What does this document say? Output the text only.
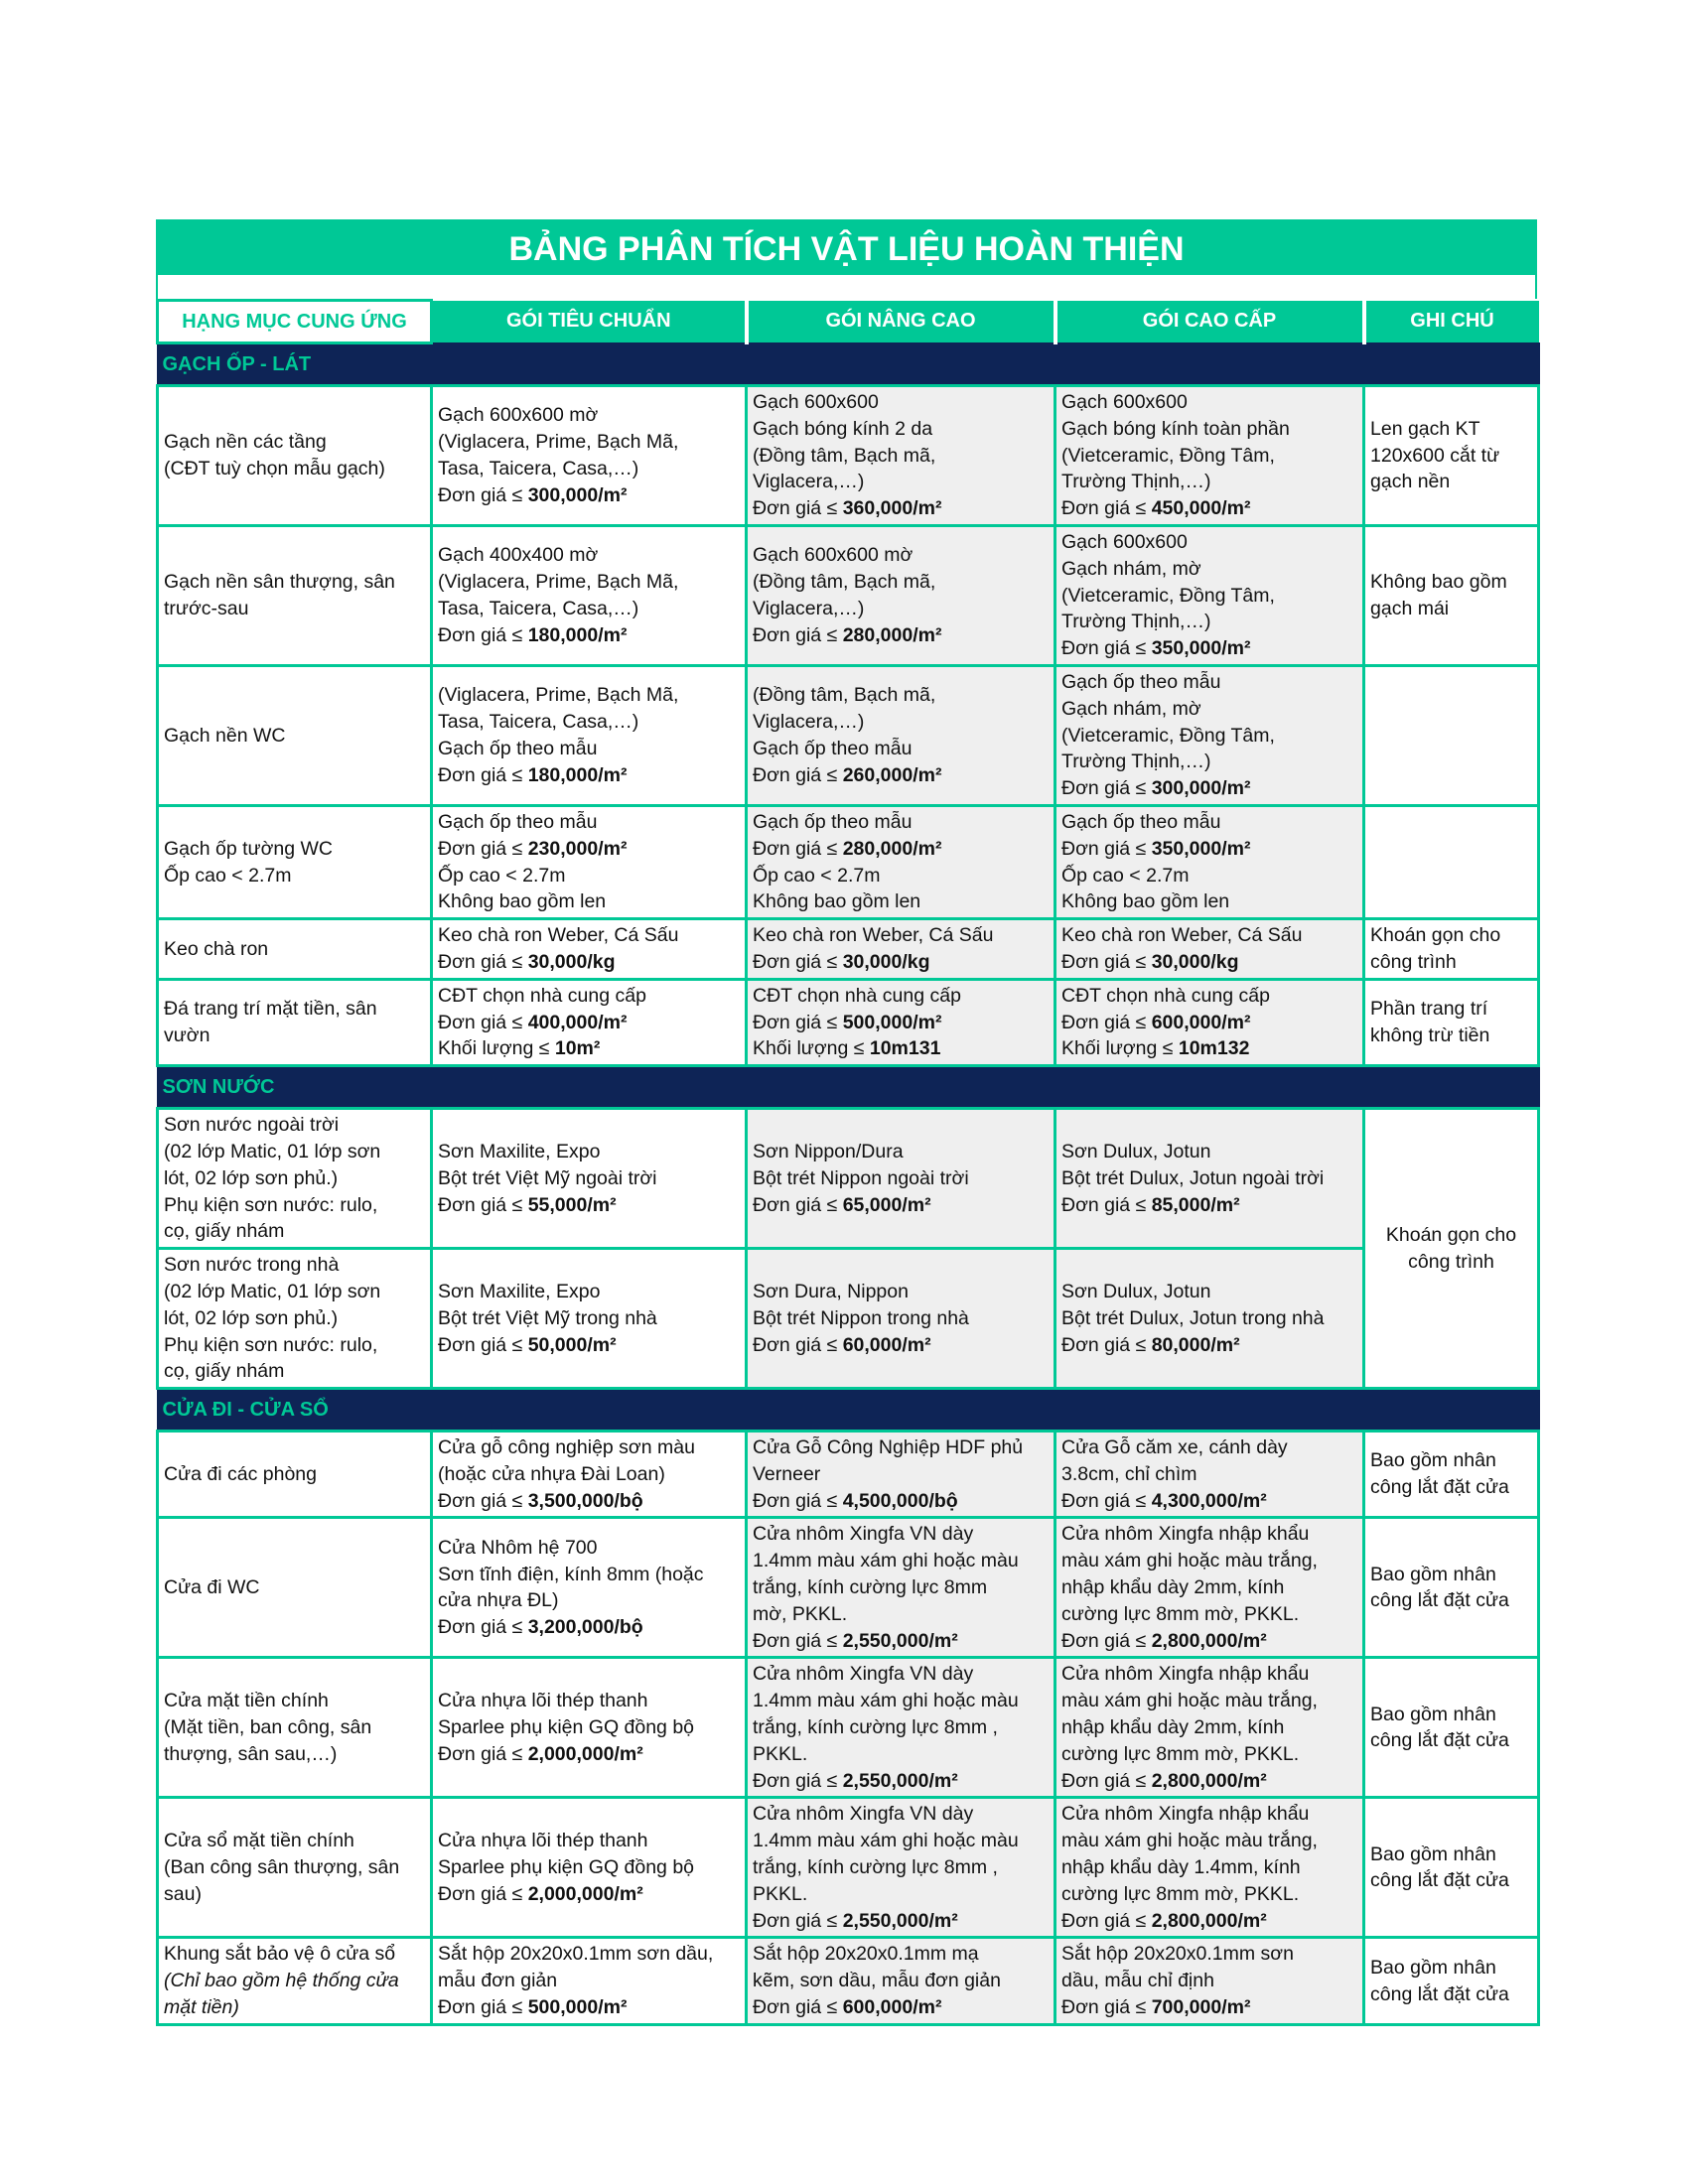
BẢNG PHÂN TÍCH VẬT LIỆU HOÀN THIỆN
HẠNG MỤC CUNG ỨNG	GÓI TIÊU CHUẨN	GÓI NÂNG CAO	GÓI CAO CẤP	GHI CHÚ
GẠCH ỐP - LÁT				

Gạch nền các tầng
(CĐT tuỳ chọn mẫu gạch)	Gạch 600x600 mờ
(Viglacera, Prime, Bạch Mã,
Tasa, Taicera, Casa,…)
Đơn giá ≤ 300,000/m²	Gạch 600x600
Gạch bóng kính 2 da
(Đồng tâm, Bạch mã,
Viglacera,…)
Đơn giá ≤ 360,000/m²	Gạch 600x600
Gạch bóng kính toàn phần
(Vietceramic, Đồng Tâm,
Trường Thịnh,…)
Đơn giá ≤ 450,000/m²	Len gạch KT
120x600 cắt từ
gạch nền

Gạch nền sân thượng, sân
trước-sau	Gạch 400x400 mờ
(Viglacera, Prime, Bạch Mã,
Tasa, Taicera, Casa,…)
Đơn giá ≤ 180,000/m²	Gạch 600x600 mờ
(Đồng tâm, Bạch mã,
Viglacera,…)
Đơn giá ≤ 280,000/m²	Gạch 600x600
Gạch nhám, mờ
(Vietceramic, Đồng Tâm,
Trường Thịnh,…)
Đơn giá ≤ 350,000/m²	Không bao gồm
gạch mái

Gạch nền WC	(Viglacera, Prime, Bạch Mã,
Tasa, Taicera, Casa,…)
Gạch ốp theo mẫu
Đơn giá ≤ 180,000/m²	(Đồng tâm, Bạch mã,
Viglacera,…)
Gạch ốp theo mẫu
Đơn giá ≤ 260,000/m²	Gạch ốp theo mẫu
Gạch nhám, mờ
(Vietceramic, Đồng Tâm,
Trường Thịnh,…)
Đơn giá ≤ 300,000/m²	

Gạch ốp tường WC
Ốp cao < 2.7m	Gạch ốp theo mẫu
Đơn giá ≤ 230,000/m²
Ốp cao < 2.7m
Không bao gồm len	Gạch ốp theo mẫu
Đơn giá ≤ 280,000/m²
Ốp cao < 2.7m
Không bao gồm len	Gạch ốp theo mẫu
Đơn giá ≤ 350,000/m²
Ốp cao < 2.7m
Không bao gồm len	

Keo chà ron	Keo chà ron Weber, Cá Sấu
Đơn giá ≤ 30,000/kg	Keo chà ron Weber, Cá Sấu
Đơn giá ≤ 30,000/kg	Keo chà ron Weber, Cá Sấu
Đơn giá ≤ 30,000/kg	Khoán gọn cho
công trình

Đá trang trí mặt tiền, sân
vườn	CĐT chọn nhà cung cấp
Đơn giá ≤ 400,000/m²
Khối lượng ≤ 10m²	CĐT chọn nhà cung cấp
Đơn giá ≤ 500,000/m²
Khối lượng ≤ 10m131	CĐT chọn nhà cung cấp
Đơn giá ≤ 600,000/m²
Khối lượng ≤ 10m132	Phần trang trí
không trừ tiền

SƠN NƯỚC				

Sơn nước ngoài trời
(02 lớp Matic, 01 lớp sơn
lót, 02 lớp sơn phủ.)
Phụ kiện sơn nước: rulo,
cọ, giấy nhám	Sơn Maxilite, Expo
Bột trét Việt Mỹ ngoài trời
Đơn giá ≤ 55,000/m²	Sơn Nippon/Dura
Bột trét Nippon ngoài trời
Đơn giá ≤ 65,000/m²	Sơn Dulux, Jotun
Bột trét Dulux, Jotun ngoài trời
Đơn giá ≤ 85,000/m²	Khoán gọn cho
công trình

Sơn nước trong nhà
(02 lớp Matic, 01 lớp sơn
lót, 02 lớp sơn phủ.)
Phụ kiện sơn nước: rulo,
cọ, giấy nhám	Sơn Maxilite, Expo
Bột trét Việt Mỹ trong nhà
Đơn giá ≤ 50,000/m²	Sơn Dura, Nippon
Bột trét Nippon trong nhà
Đơn giá ≤ 60,000/m²	Sơn Dulux, Jotun
Bột trét Dulux, Jotun trong nhà
Đơn giá ≤ 80,000/m²	

CỬA ĐI - CỬA SỔ				

Cửa đi các phòng	Cửa gỗ công nghiệp sơn màu
(hoặc cửa nhựa Đài Loan)
Đơn giá ≤ 3,500,000/bộ	Cửa Gỗ Công Nghiệp HDF phủ
Verneer
Đơn giá ≤ 4,500,000/bộ	Cửa Gỗ căm xe, cánh dày
3.8cm, chỉ chìm
Đơn giá ≤ 4,300,000/m²	Bao gồm nhân
công lắt đặt cửa

Cửa đi WC	Cửa Nhôm hệ 700
Sơn tĩnh điện, kính 8mm (hoặc
cửa nhựa ĐL)
Đơn giá ≤ 3,200,000/bộ	Cửa nhôm Xingfa VN dày
1.4mm màu xám ghi hoặc màu
trắng, kính cường lực 8mm
mờ, PKKL.
Đơn giá ≤ 2,550,000/m²	Cửa nhôm Xingfa nhập khẩu
màu xám ghi hoặc màu trắng,
nhập khẩu dày 2mm, kính
cường lực 8mm mờ, PKKL.
Đơn giá ≤ 2,800,000/m²	Bao gồm nhân
công lắt đặt cửa

Cửa mặt tiền chính
(Mặt tiền, ban công, sân
thượng, sân sau,…)	Cửa nhựa lõi thép thanh
Sparlee phụ kiện GQ đồng bộ
Đơn giá ≤ 2,000,000/m²	Cửa nhôm Xingfa VN dày
1.4mm màu xám ghi hoặc màu
trắng, kính cường lực 8mm ,
PKKL.
Đơn giá ≤ 2,550,000/m²	Cửa nhôm Xingfa nhập khẩu
màu xám ghi hoặc màu trắng,
nhập khẩu dày 2mm, kính
cường lực 8mm mờ, PKKL.
Đơn giá ≤ 2,800,000/m²	Bao gồm nhân
công lắt đặt cửa

Cửa sổ mặt tiền chính
(Ban công sân thượng, sân
sau)	Cửa nhựa lõi thép thanh
Sparlee phụ kiện GQ đồng bộ
Đơn giá ≤ 2,000,000/m²	Cửa nhôm Xingfa VN dày
1.4mm màu xám ghi hoặc màu
trắng, kính cường lực 8mm ,
PKKL.
Đơn giá ≤ 2,550,000/m²	Cửa nhôm Xingfa nhập khẩu
màu xám ghi hoặc màu trắng,
nhập khẩu dày 1.4mm, kính
cường lực 8mm mờ, PKKL.
Đơn giá ≤ 2,800,000/m²	Bao gồm nhân
công lắt đặt cửa

Khung sắt bảo vệ ô cửa sổ
(Chỉ bao gồm hệ thống cửa
mặt tiền)	Sắt hộp 20x20x0.1mm sơn dầu,
mẫu đơn giản
Đơn giá ≤ 500,000/m²	Sắt hộp 20x20x0.1mm mạ
kẽm, sơn dầu, mẫu đơn giản
Đơn giá ≤ 600,000/m²	Sắt hộp 20x20x0.1mm sơn
dầu, mẫu chỉ định
Đơn giá ≤ 700,000/m²	Bao gồm nhân
công lắt đặt cửa
